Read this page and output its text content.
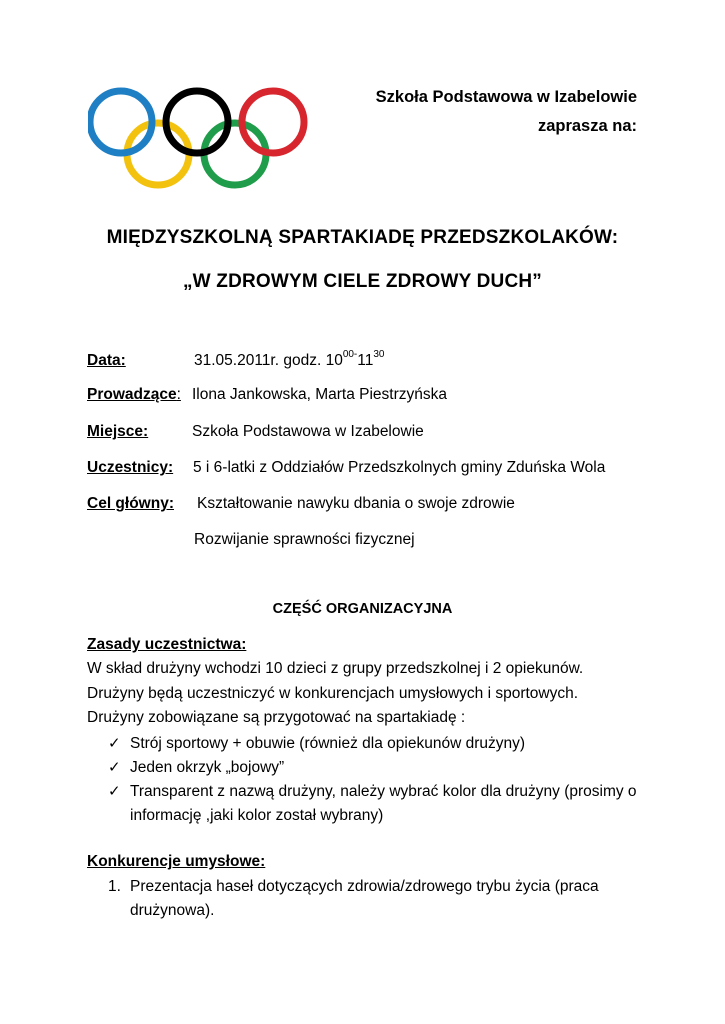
Szkoła Podstawowa w Izabelowie
zaprasza na:
MIĘDZYSZKOLNĄ SPARTAKIADĘ PRZEDSZKOLAKÓW:
„W ZDROWYM CIELE ZDROWY DUCH”
Data:	31.05.2011r. godz. $10^{00-}11^{30}$
Prowadzące: Ilona Jankowska, Marta Piestrzyńska
Miejsce:	Szkoła Podstawowa w Izabelowie
Uczestnicy: 5 i 6-latki z Oddziałów Przedszkolnych gminy Zduńska Wola
Cel główny: Kształtowanie nawyku dbania o swoje zdrowie
Rozwijanie sprawności fizycznej
CZĘŚĆ ORGANIZACYJNA
Zasady uczestnictwa:
W skład drużyny wchodzi 10 dzieci z grupy przedszkolnej i 2 opiekunów.
Drużyny będą uczestniczyć w konkurencjach umysłowych i sportowych.
Drużyny zobowiązane są przygotować na spartakiadę :
✓ Strój sportowy + obuwie (również dla opiekunów drużyny)
✓ Jeden okrzyk „bojowy”
✓ Transparent z nazwą drużyny, należy wybrać kolor dla drużyny (prosimy o informację ,jaki kolor został wybrany)
Konkurencje umysłowe:
1. Prezentacja haseł dotyczących zdrowia/zdrowego trybu życia (praca drużynowa).
